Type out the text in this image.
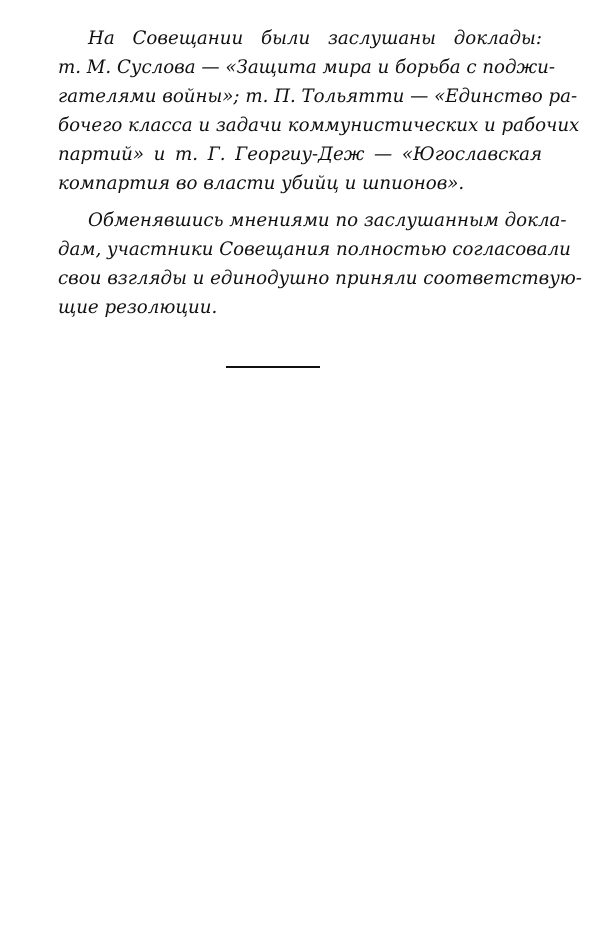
На Совещании были заслушаны доклады:
т. М. Суслова — «Защита мира и борьба с поджи-
гателями войны»; т. П. Тольятти — «Единство ра-
бочего класса и задачи коммунистических и рабочих
партий» и т. Г. Георгиу-Деж — «Югославская
компартия во власти убийц и шпионов».

Обменявшись мнениями по заслушанным доклa-
дам, участники Совещания полностью согласовали
свои взгляды и единодушно приняли соответствую-
щие резолюции.
